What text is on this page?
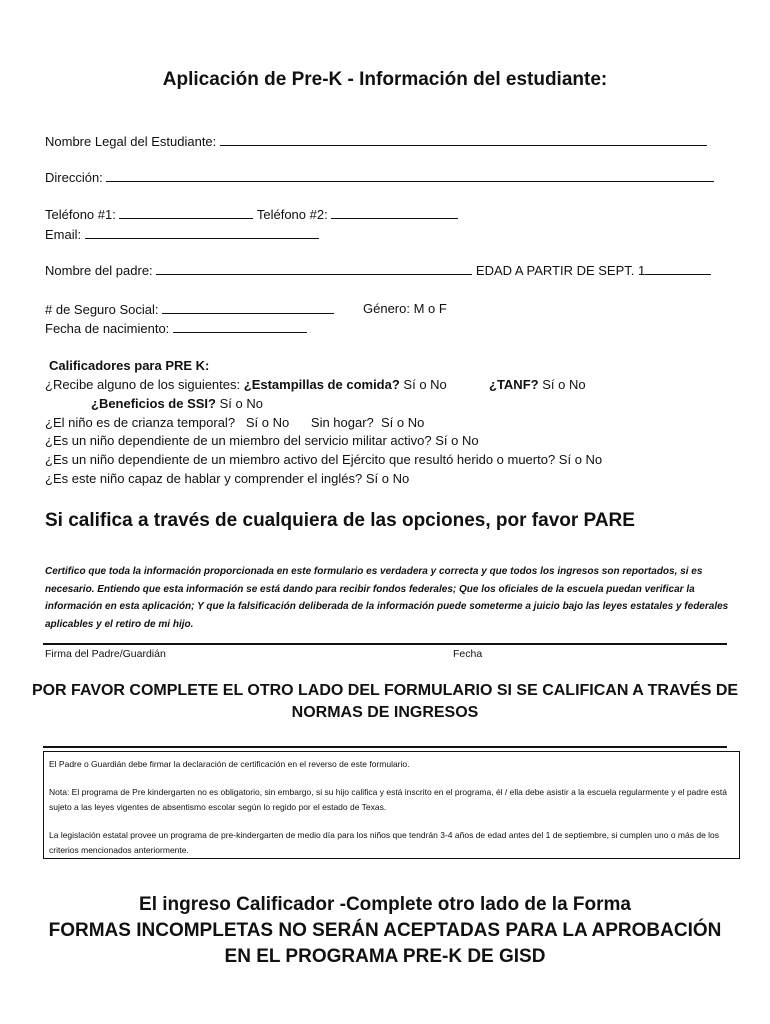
Aplicación de Pre-K - Información del estudiante:
Nombre Legal del Estudiante:
Dirección:
Teléfono #1:	Teléfono #2:
Email:
Nombre del padre:	EDAD A PARTIR DE SEPT. 1
# de Seguro Social:	Género: M o F
Fecha de nacimiento:
Calificadores para PRE K:
¿Recibe alguno de los siguientes: ¿Estampillas de comida? Sí o No	¿TANF? Sí o No
¿Beneficios de SSI? Sí o No
¿El niño es de crianza temporal?   Sí o No      Sin hogar?  Sí o No
¿Es un niño dependiente de un miembro del servicio militar activo? Sí o No
¿Es un niño dependiente de un miembro activo del Ejército que resultó herido o muerto? Sí o No
¿Es este niño capaz de hablar y comprender el inglés? Sí o No
Si califica a través de cualquiera de las opciones, por favor PARE
Certifico que toda la información proporcionada en este formulario es verdadera y correcta y que todos los ingresos son reportados, si es necesario. Entiendo que esta información se está dando para recibir fondos federales; Que los oficiales de la escuela puedan verificar la información en esta aplicación; Y que la falsificación deliberada de la información puede someterme a juicio bajo las leyes estatales y federales aplicables y el retiro de mi hijo.
Firma del Padre/Guardián	Fecha
POR FAVOR COMPLETE EL OTRO LADO DEL FORMULARIO SI SE CALIFICAN A TRAVÉS DE NORMAS DE INGRESOS
El Padre o Guardián debe firmar la declaración de certificación en el reverso de este formulario.
Nota: El programa de Pre kindergarten no es obligatorio, sin embargo, si su hijo califica y está inscrito en el programa, él / ella debe asistir a la escuela regularmente y el padre está sujeto a las leyes vigentes de absentismo escolar según lo regido por el estado de Texas.
La legislación estatal provee un programa de pre-kindergarten de medio día para los niños que tendrán 3-4 años de edad antes del 1 de septiembre, si cumplen uno o más de los criterios mencionados anteriormente.
El ingreso Calificador -Complete otro lado de la Forma
FORMAS INCOMPLETAS NO SERÁN ACEPTADAS PARA LA APROBACIÓN
EN EL PROGRAMA PRE-K DE GISD
